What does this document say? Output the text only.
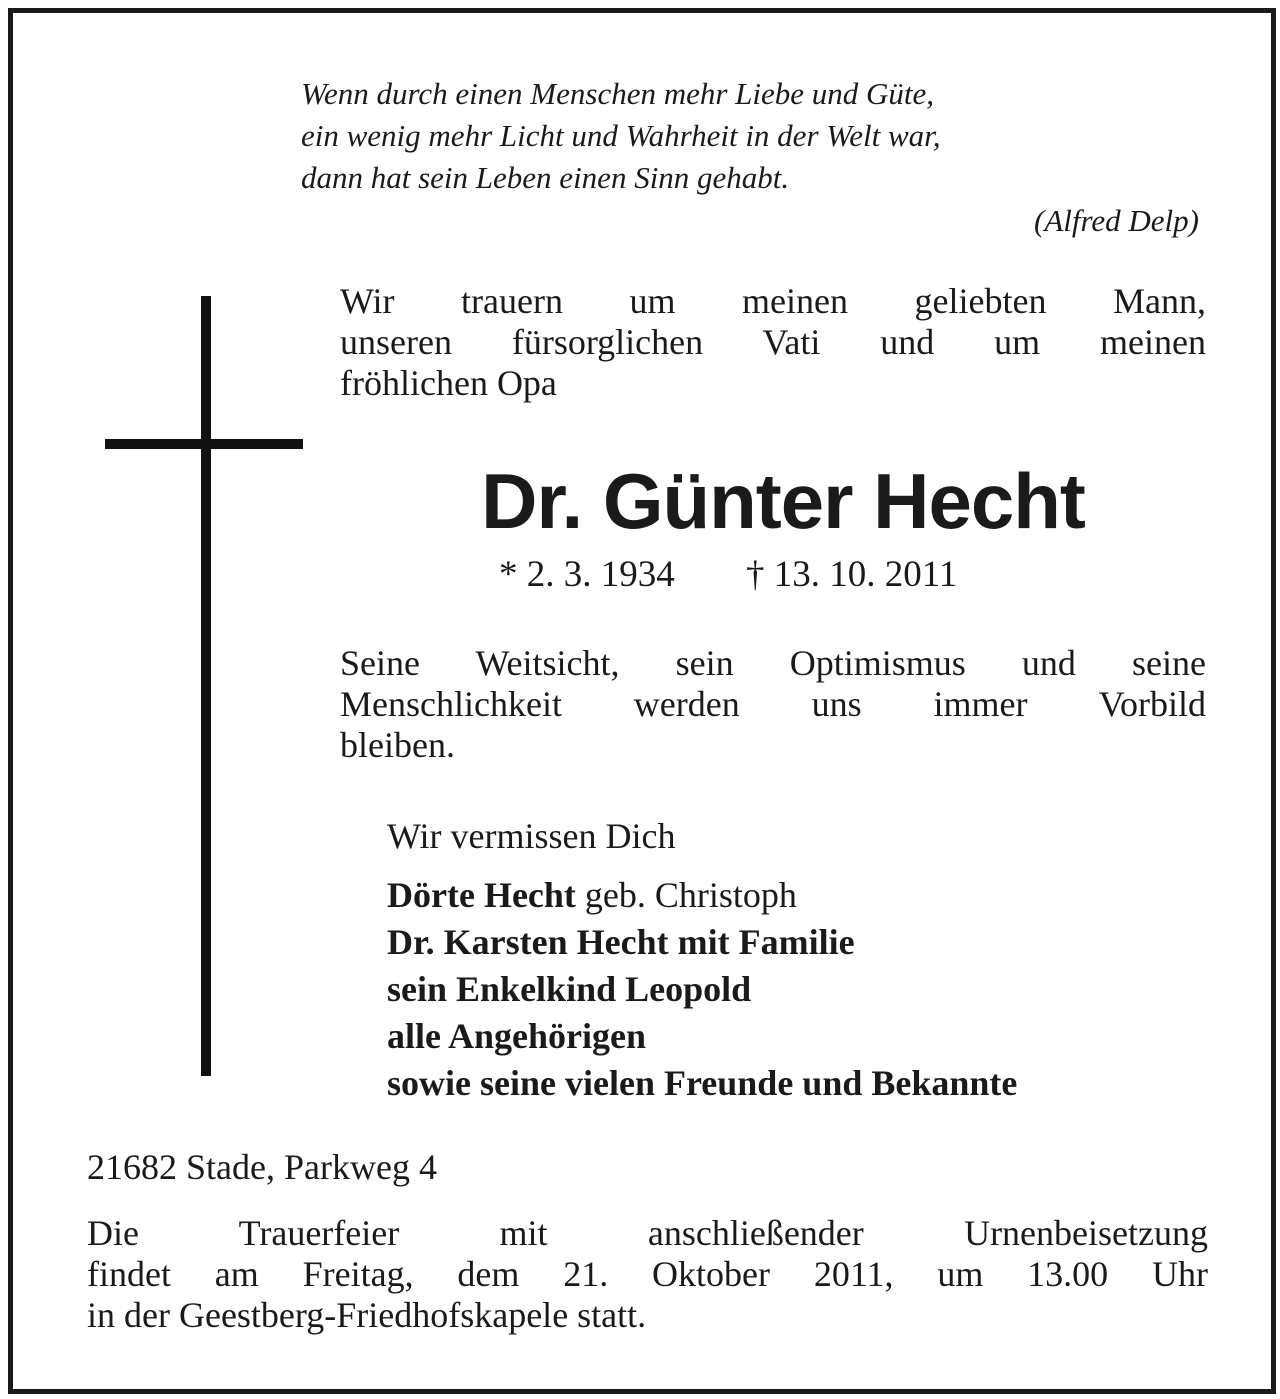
Wenn durch einen Menschen mehr Liebe und Güte,
ein wenig mehr Licht und Wahrheit in der Welt war,
dann hat sein Leben einen Sinn gehabt.
(Alfred Delp)
Wir trauern um meinen geliebten Mann,
unseren fürsorglichen Vati und um meinen
fröhlichen Opa
Dr. Günter Hecht
* 2. 3. 1934 † 13. 10. 2011
Seine Weitsicht, sein Optimismus und seine
Menschlichkeit werden uns immer Vorbild
bleiben.
Wir vermissen Dich
Dörte Hecht geb. Christoph
Dr. Karsten Hecht mit Familie
sein Enkelkind Leopold
alle Angehörigen
sowie seine vielen Freunde und Bekannte
21682 Stade, Parkweg 4
Die Trauerfeier mit anschließender Urnenbeisetzung
findet am Freitag, dem 21. Oktober 2011, um 13.00 Uhr
in der Geestberg-Friedhofskapele statt.
